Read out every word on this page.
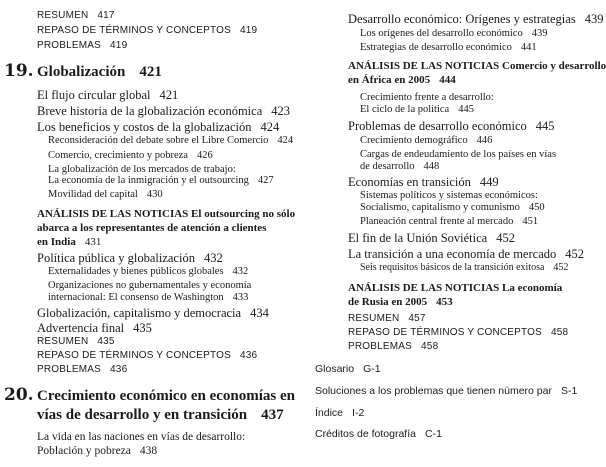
RESUMEN 417
REPASO DE TÉRMINOS Y CONCEPTOS 419
PROBLEMAS 419
19. Globalización 421
El flujo circular global 421
Breve historia de la globalización económica 423
Los beneficios y costos de la globalización 424
Reconsideración del debate sobre el Libre Comercio 424
Comercio, crecimiento y pobreza 426
La globalización de los mercados de trabajo:
La economía de la inmigración y el outsourcing 427
Movilidad del capital 430
ANÁLISIS DE LAS NOTICIAS El outsourcing no sólo
abarca a los representantes de atención a clientes
en India 431
Política pública y globalización 432
Externalidades y bienes públicos globales 432
Organizaciones no gubernamentales y economía
internacional: El consenso de Washington 433
Globalización, capitalismo y democracia 434
Advertencia final 435
RESUMEN 435
REPASO DE TÉRMINOS Y CONCEPTOS 436
PROBLEMAS 436
20. Crecimiento económico en economías en
vías de desarrollo y en transición 437
La vida en las naciones en vías de desarrollo:
Población y pobreza 438
Desarrollo económico: Orígenes y estrategias 439
Los orígenes del desarrollo económico 439
Estrategias de desarrollo económico 441
ANÁLISIS DE LAS NOTICIAS Comercio y desarrollo
en África en 2005 444
Crecimiento frente a desarrollo:
El ciclo de la política 445
Problemas de desarrollo económico 445
Crecimiento demográfico 446
Cargas de endeudamiento de los países en vías
de desarrollo 448
Economías en transición 449
Sistemas políticos y sistemas económicos:
Socialismo, capitalismo y comunismo 450
Planeación central frente al mercado 451
El fin de la Unión Soviética 452
La transición a una economía de mercado 452
Seis requisitos básicos de la transición exitosa 452
ANÁLISIS DE LAS NOTICIAS La economía
de Rusia en 2005 453
RESUMEN 457
REPASO DE TÉRMINOS Y CONCEPTOS 458
PROBLEMAS 458
Glosario G-1
Soluciones a los problemas que tienen número par S-1
Índice I-2
Créditos de fotografía C-1
